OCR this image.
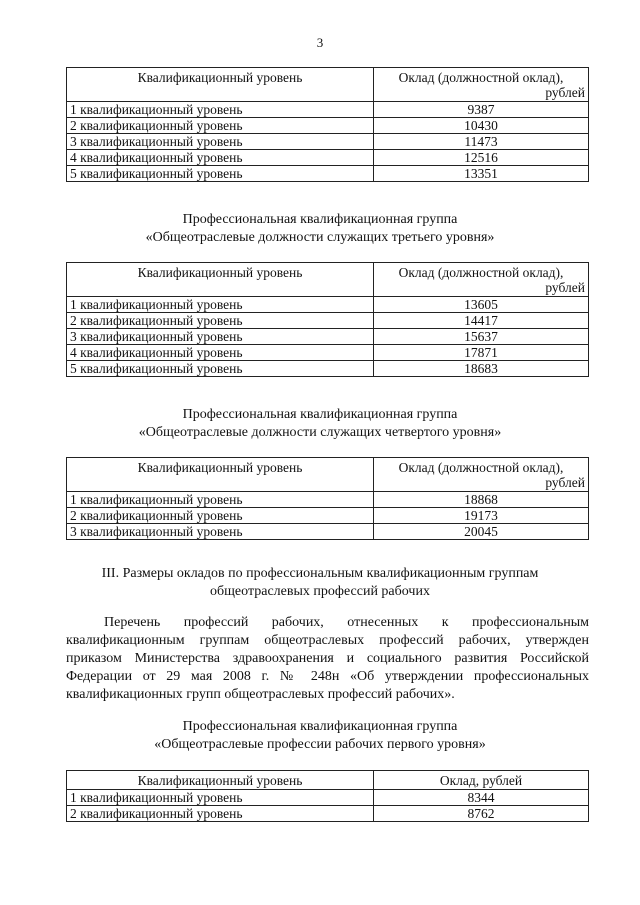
3
Квалификационный уровень	Оклад (должностной оклад),
рублей
1 квалификационный уровень	9387
2 квалификационный уровень	10430
3 квалификационный уровень	11473
4 квалификационный уровень	12516
5 квалификационный уровень	13351
Профессиональная квалификационная группа
«Общеотраслевые должности служащих третьего уровня»
Квалификационный уровень	Оклад (должностной оклад),
рублей
1 квалификационный уровень	13605
2 квалификационный уровень	14417
3 квалификационный уровень	15637
4 квалификационный уровень	17871
5 квалификационный уровень	18683
Профессиональная квалификационная группа
«Общеотраслевые должности служащих четвертого уровня»
Квалификационный уровень	Оклад (должностной оклад),
рублей
1 квалификационный уровень	18868
2 квалификационный уровень	19173
3 квалификационный уровень	20045
III. Размеры окладов по профессиональным квалификационным группам
общеотраслевых профессий рабочих
Перечень профессий рабочих, отнесенных к профессиональным квалификационным группам общеотраслевых профессий рабочих, утвержден приказом Министерства здравоохранения и социального развития Российской Федерации от 29 мая 2008 г. № 248н «Об утверждении профессиональных квалификационных групп общеотраслевых профессий рабочих».
Профессиональная квалификационная группа
«Общеотраслевые профессии рабочих первого уровня»
Квалификационный уровень	Оклад, рублей
1 квалификационный уровень	8344
2 квалификационный уровень	8762
